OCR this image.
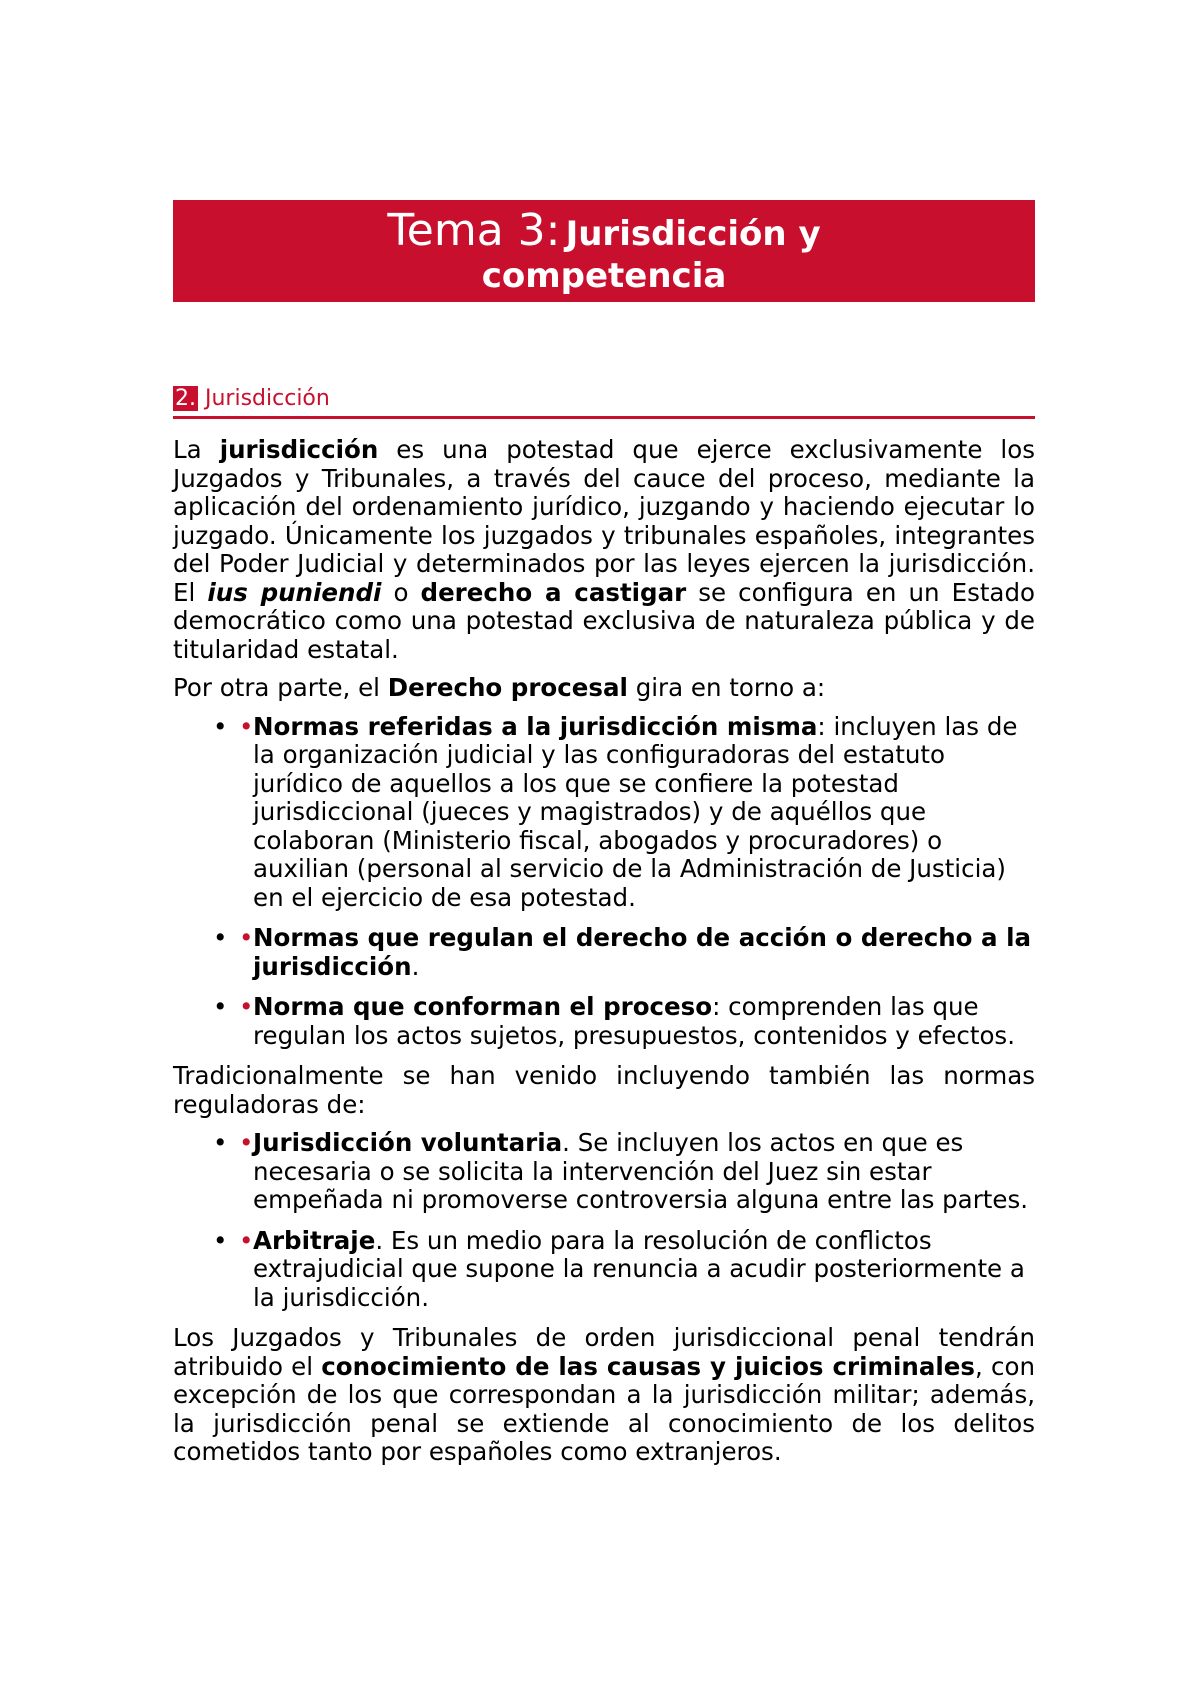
Tema 3: Jurisdicción y
competencia
2. Jurisdicción

La jurisdicción es una potestad que ejerce exclusivamente los Juzgados y Tribunales, a través del cauce del proceso, mediante la aplicación del ordenamiento jurídico, juzgando y haciendo ejecutar lo juzgado. Únicamente los juzgados y tribunales españoles, integrantes del Poder Judicial y determinados por las leyes ejercen la jurisdicción. El ius puniendi o derecho a castigar se configura en un Estado democrático como una potestad exclusiva de naturaleza pública y de titularidad estatal.

Por otra parte, el Derecho procesal gira en torno a:

• • Normas referidas a la jurisdicción misma: incluyen las de la organización judicial y las configuradoras del estatuto jurídico de aquellos a los que se confiere la potestad jurisdiccional (jueces y magistrados) y de aquéllos que colaboran (Ministerio fiscal, abogados y procuradores) o auxilian (personal al servicio de la Administración de Justicia) en el ejercicio de esa potestad.
• • Normas que regulan el derecho de acción o derecho a la jurisdicción.
• • Norma que conforman el proceso: comprenden las que regulan los actos sujetos, presupuestos, contenidos y efectos.

Tradicionalmente se han venido incluyendo también las normas reguladoras de:

• • Jurisdicción voluntaria. Se incluyen los actos en que es necesaria o se solicita la intervención del Juez sin estar empeñada ni promoverse controversia alguna entre las partes.
• • Arbitraje. Es un medio para la resolución de conflictos extrajudicial que supone la renuncia a acudir posteriormente a la jurisdicción.

Los Juzgados y Tribunales de orden jurisdiccional penal tendrán atribuido el conocimiento de las causas y juicios criminales, con excepción de los que correspondan a la jurisdicción militar; además, la jurisdicción penal se extiende al conocimiento de los delitos cometidos tanto por españoles como extranjeros.
